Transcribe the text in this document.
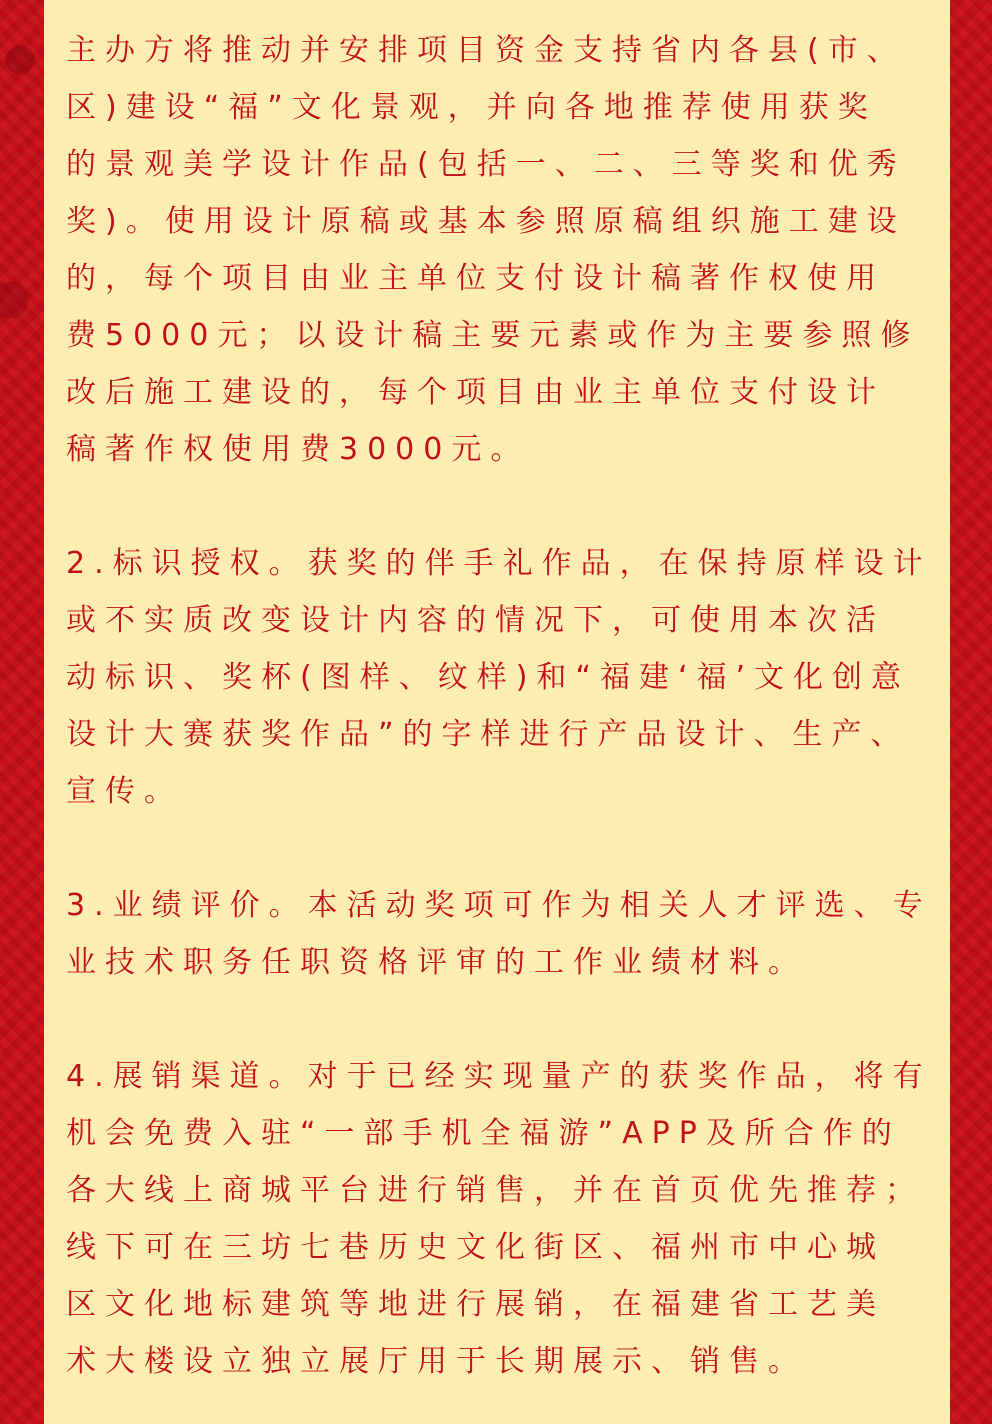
主办方将推动并安排项目资金支持省内各县(市、

区)建设“福”文化景观，并向各地推荐使用获奖

的景观美学设计作品(包括一、二、三等奖和优秀

奖)。使用设计原稿或基本参照原稿组织施工建设

的，每个项目由业主单位支付设计稿著作权使用

费5000元；以设计稿主要元素或作为主要参照修

改后施工建设的，每个项目由业主单位支付设计

稿著作权使用费3000元。

2.标识授权。获奖的伴手礼作品，在保持原样设计

或不实质改变设计内容的情况下，可使用本次活

动标识、奖杯(图样、纹样)和“福建‘福’文化创意

设计大赛获奖作品”的字样进行产品设计、生产、

宣传。

3.业绩评价。本活动奖项可作为相关人才评选、专

业技术职务任职资格评审的工作业绩材料。

4.展销渠道。对于已经实现量产的获奖作品，将有

机会免费入驻“一部手机全福游”APP及所合作的

各大线上商城平台进行销售，并在首页优先推荐；

线下可在三坊七巷历史文化街区、福州市中心城

区文化地标建筑等地进行展销，在福建省工艺美

术大楼设立独立展厅用于长期展示、销售。
